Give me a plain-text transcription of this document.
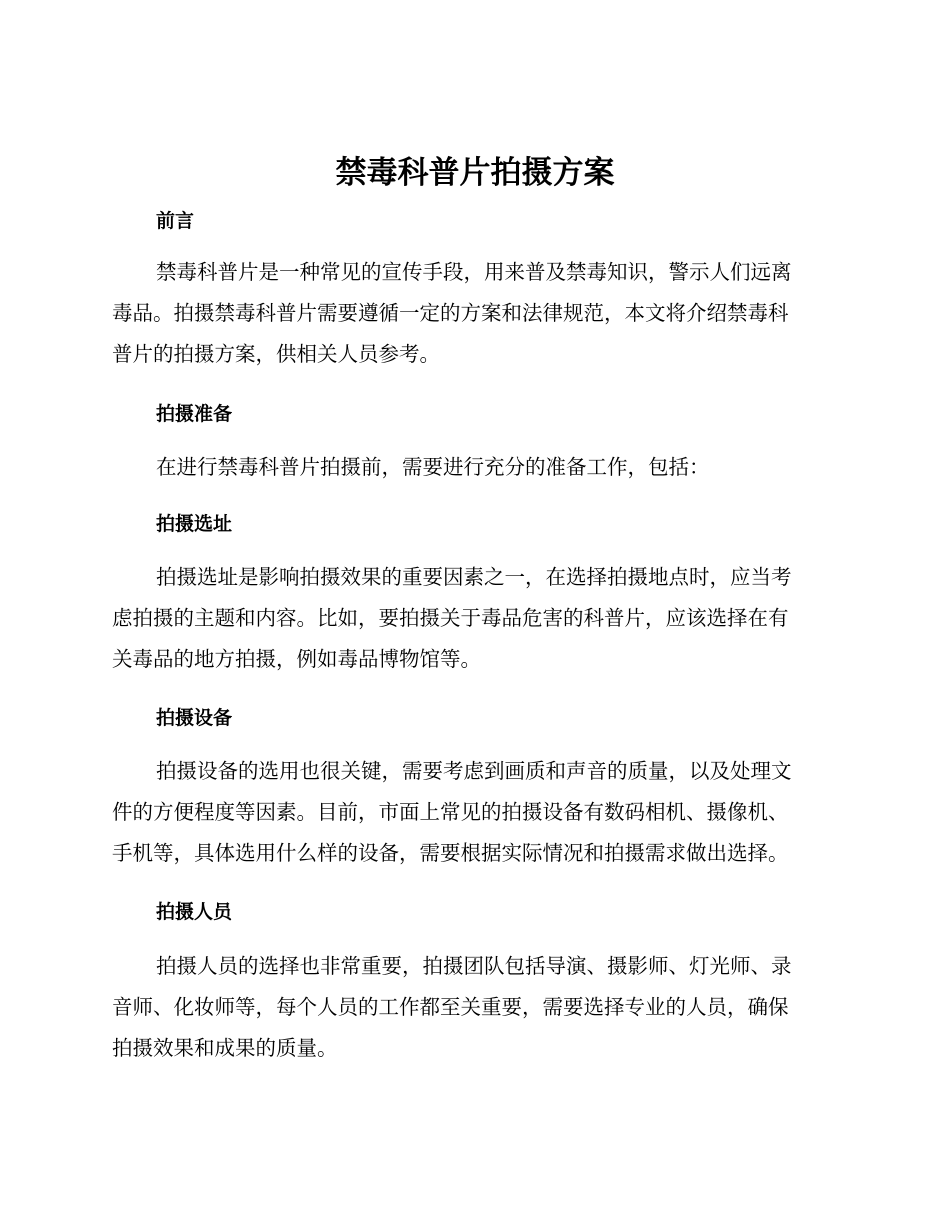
禁毒科普片拍摄方案
前言

禁毒科普片是一种常见的宣传手段，用来普及禁毒知识，警示人们远离
毒品。拍摄禁毒科普片需要遵循一定的方案和法律规范，本文将介绍禁毒科
普片的拍摄方案，供相关人员参考。

拍摄准备

在进行禁毒科普片拍摄前，需要进行充分的准备工作，包括：

拍摄选址

拍摄选址是影响拍摄效果的重要因素之一，在选择拍摄地点时，应当考
虑拍摄的主题和内容。比如，要拍摄关于毒品危害的科普片，应该选择在有
关毒品的地方拍摄，例如毒品博物馆等。

拍摄设备

拍摄设备的选用也很关键，需要考虑到画质和声音的质量，以及处理文
件的方便程度等因素。目前，市面上常见的拍摄设备有数码相机、摄像机、
手机等，具体选用什么样的设备，需要根据实际情况和拍摄需求做出选择。

拍摄人员

拍摄人员的选择也非常重要，拍摄团队包括导演、摄影师、灯光师、录
音师、化妆师等，每个人员的工作都至关重要，需要选择专业的人员，确保
拍摄效果和成果的质量。
